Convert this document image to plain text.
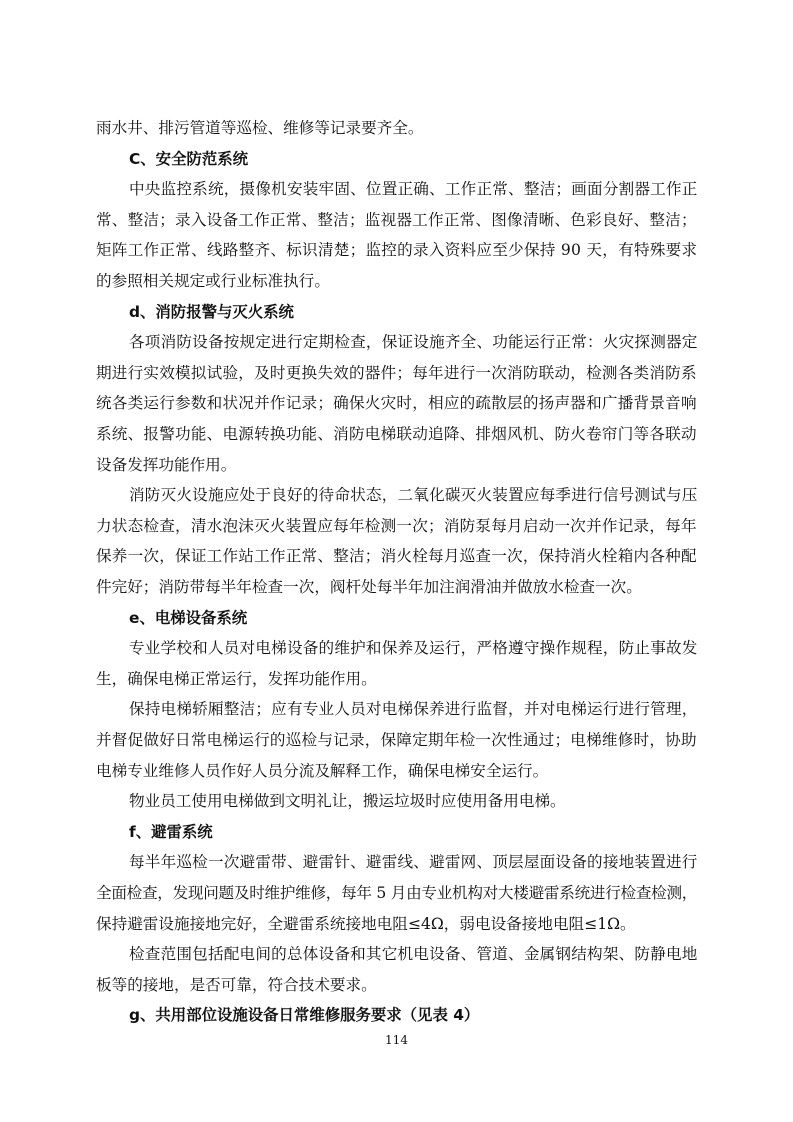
雨水井、排污管道等巡检、维修等记录要齐全。
C、安全防范系统
中央监控系统，摄像机安装牢固、位置正确、工作正常、整洁；画面分割器工作正
常、整洁；录入设备工作正常、整洁；监视器工作正常、图像清晰、色彩良好、整洁；
矩阵工作正常、线路整齐、标识清楚；监控的录入资料应至少保持 90 天，有特殊要求
的参照相关规定或行业标准执行。
d、消防报警与灭火系统
各项消防设备按规定进行定期检查，保证设施齐全、功能运行正常：火灾探测器定
期进行实效模拟试验，及时更换失效的器件；每年进行一次消防联动，检测各类消防系
统各类运行参数和状况并作记录；确保火灾时，相应的疏散层的扬声器和广播背景音响
系统、报警功能、电源转换功能、消防电梯联动追降、排烟风机、防火卷帘门等各联动
设备发挥功能作用。
消防灭火设施应处于良好的待命状态，二氧化碳灭火装置应每季进行信号测试与压
力状态检查，清水泡沫灭火装置应每年检测一次；消防泵每月启动一次并作记录，每年
保养一次，保证工作站工作正常、整洁；消火栓每月巡查一次，保持消火栓箱内各种配
件完好；消防带每半年检查一次，阀杆处每半年加注润滑油并做放水检查一次。
e、电梯设备系统
专业学校和人员对电梯设备的维护和保养及运行，严格遵守操作规程，防止事故发
生，确保电梯正常运行，发挥功能作用。
保持电梯轿厢整洁；应有专业人员对电梯保养进行监督，并对电梯运行进行管理，
并督促做好日常电梯运行的巡检与记录，保障定期年检一次性通过；电梯维修时，协助
电梯专业维修人员作好人员分流及解释工作，确保电梯安全运行。
物业员工使用电梯做到文明礼让，搬运垃圾时应使用备用电梯。
f、避雷系统
每半年巡检一次避雷带、避雷针、避雷线、避雷网、顶层屋面设备的接地装置进行
全面检查，发现问题及时维护维修，每年 5 月由专业机构对大楼避雷系统进行检查检测，
保持避雷设施接地完好，全避雷系统接地电阻≤4Ω，弱电设备接地电阻≤1Ω。
检查范围包括配电间的总体设备和其它机电设备、管道、金属钢结构架、防静电地
板等的接地，是否可靠，符合技术要求。
g、共用部位设施设备日常维修服务要求（见表 4）
114
